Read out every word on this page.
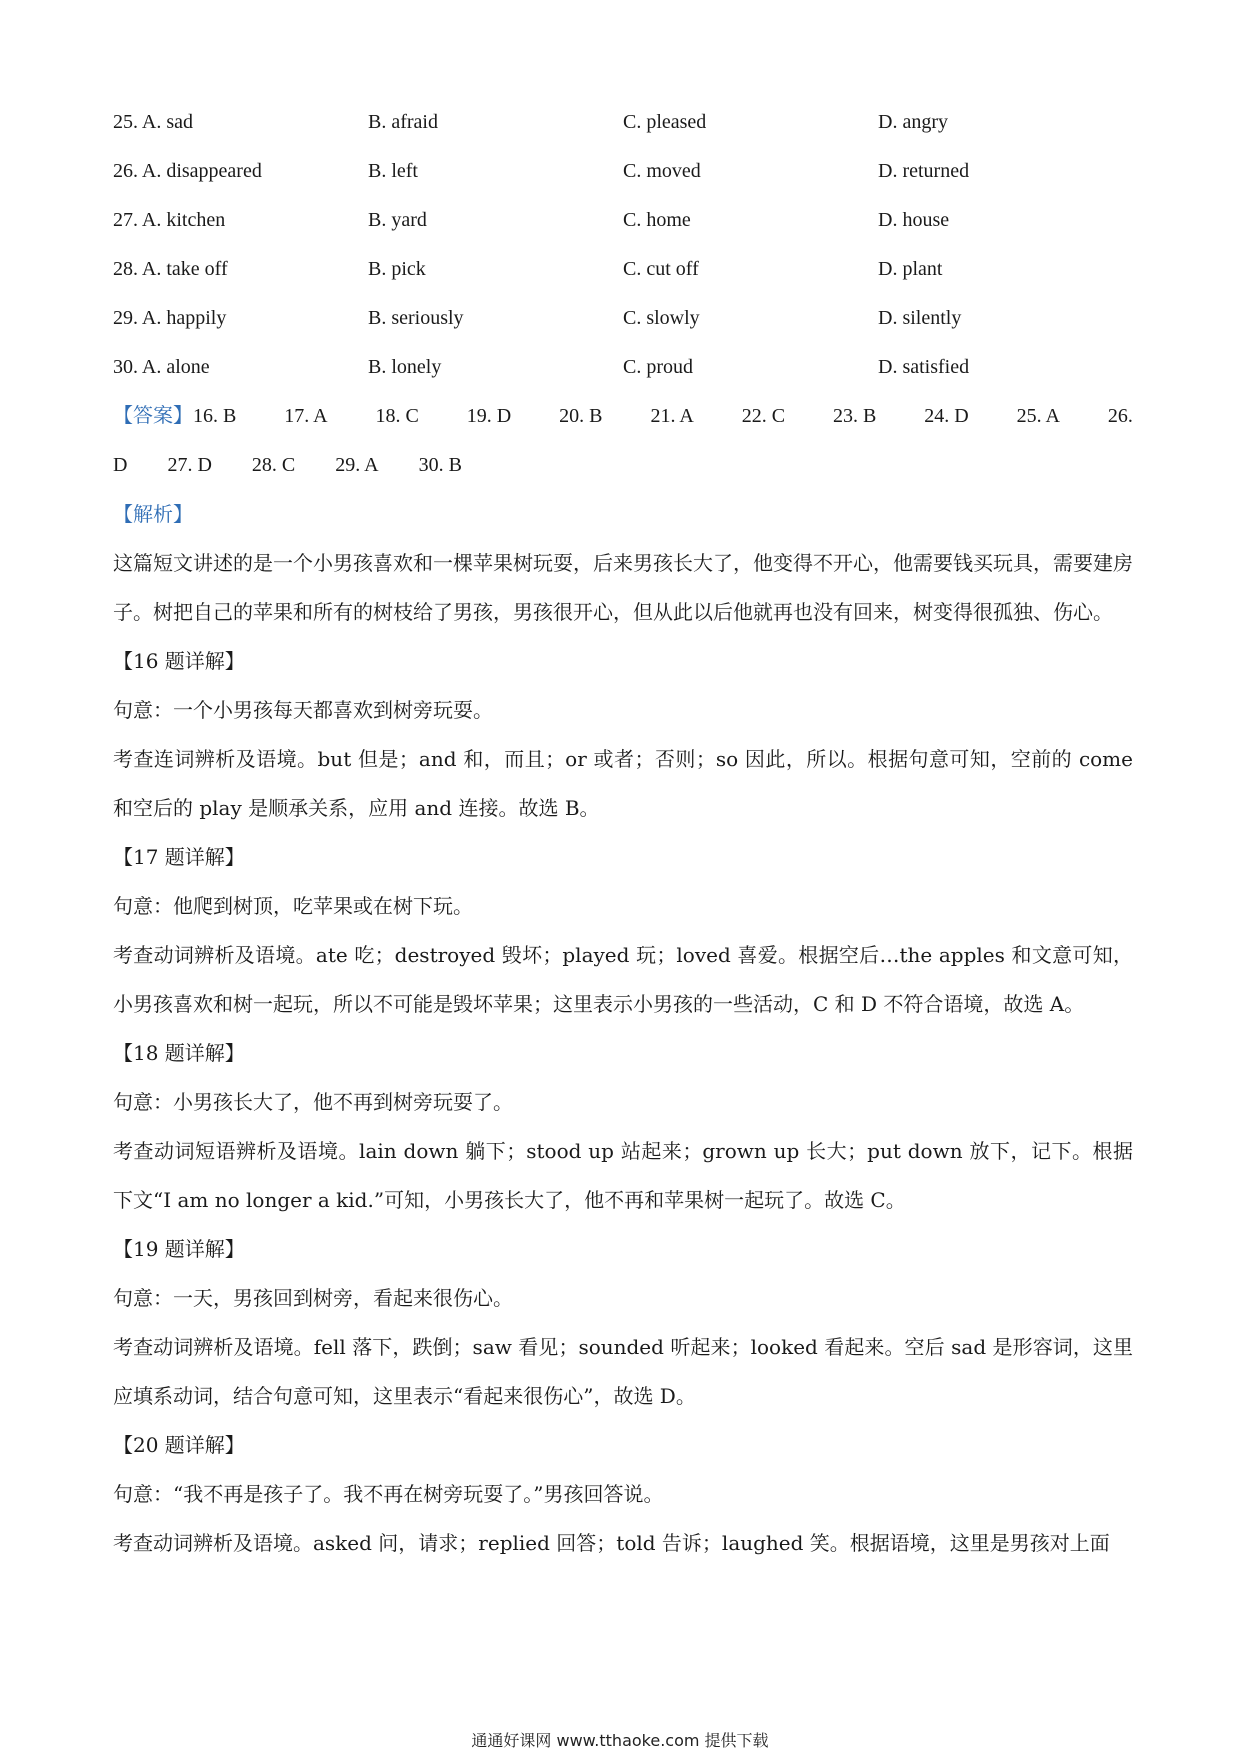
25. A. sad	B. afraid	C. pleased	D. angry
26. A. disappeared	B. left	C. moved	D. returned
27. A. kitchen	B. yard	C. home	D. house
28. A. take off	B. pick	C. cut off	D. plant
29. A. happily	B. seriously	C. slowly	D. silently
30. A. alone	B. lonely	C. proud	D. satisfied
【答案】16. B 17. A 18. C 19. D 20. B 21. A 22. C 23. B 24. D 25. A 26.
D 27. D 28. C 29. A 30. B
【解析】

这篇短文讲述的是一个小男孩喜欢和一棵苹果树玩耍，后来男孩长大了，他变得不开心，他需要钱买玩具，需要建房子。树把自己的苹果和所有的树枝给了男孩，男孩很开心，但从此以后他就再也没有回来，树变得很孤独、伤心。

【16 题详解】

句意：一个小男孩每天都喜欢到树旁玩耍。

考查连词辨析及语境。but 但是；and 和，而且；or 或者；否则；so 因此，所以。根据句意可知，空前的 come 和空后的 play 是顺承关系，应用 and 连接。故选 B。

【17 题详解】

句意：他爬到树顶，吃苹果或在树下玩。

考查动词辨析及语境。ate 吃；destroyed 毁坏；played 玩；loved 喜爱。根据空后…the apples 和文意可知，小男孩喜欢和树一起玩，所以不可能是毁坏苹果；这里表示小男孩的一些活动，C 和 D 不符合语境，故选 A。

【18 题详解】

句意：小男孩长大了，他不再到树旁玩耍了。

考查动词短语辨析及语境。lain down 躺下；stood up 站起来；grown up 长大；put down 放下，记下。根据下文“I am no longer a kid.”可知，小男孩长大了，他不再和苹果树一起玩了。故选 C。

【19 题详解】

句意：一天，男孩回到树旁，看起来很伤心。

考查动词辨析及语境。fell 落下，跌倒；saw 看见；sounded 听起来；looked 看起来。空后 sad 是形容词，这里应填系动词，结合句意可知，这里表示“看起来很伤心”，故选 D。

【20 题详解】

句意：“我不再是孩子了。我不再在树旁玩耍了。”男孩回答说。

考查动词辨析及语境。asked 问，请求；replied 回答；told 告诉；laughed 笑。根据语境，这里是男孩对上面

通通好课网 www.tthaoke.com 提供下载
